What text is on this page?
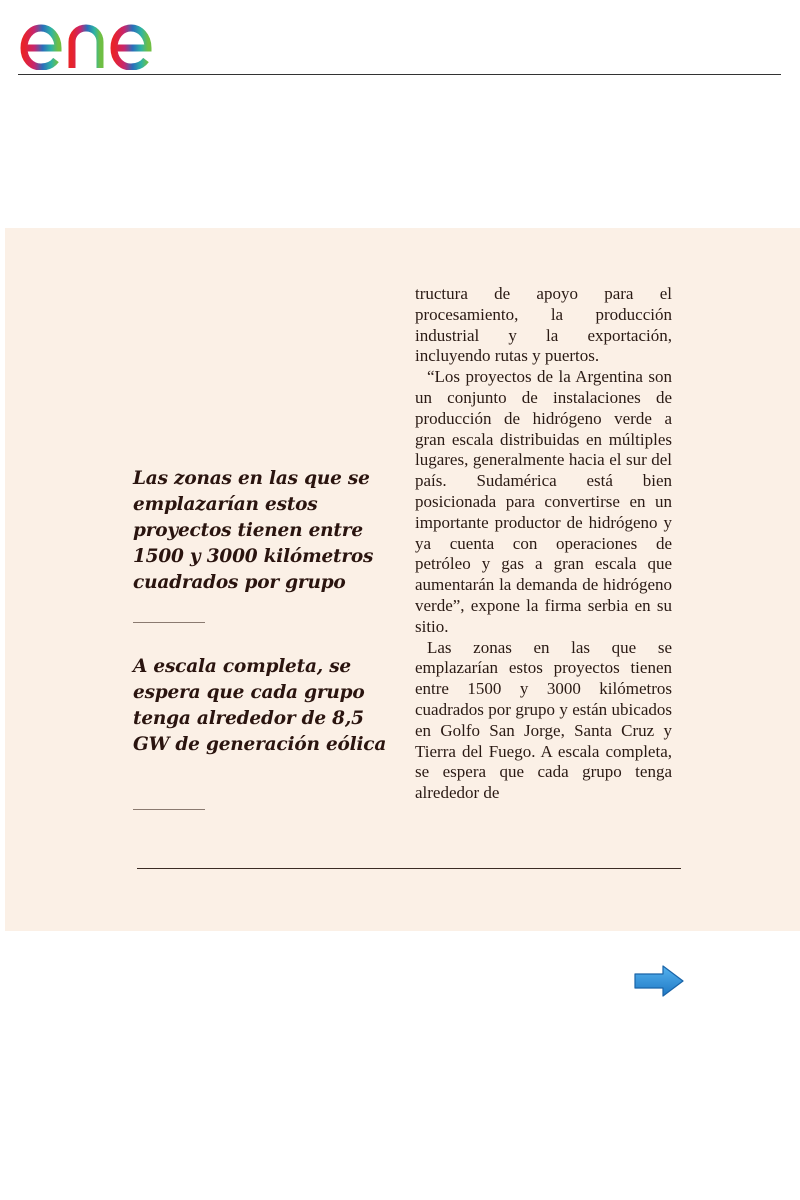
Las zonas en las que se emplazarían estos proyectos tienen entre 1500 y 3000 kilómetros cuadrados por grupo

A escala completa, se espera que cada grupo tenga alrededor de 8,5 GW de generación eólica

tructura de apoyo para el procesamiento, la producción industrial y la exportación, incluyendo rutas y puertos.

“Los proyectos de la Argentina son un conjunto de instalaciones de producción de hidrógeno verde a gran escala distribuidas en múltiples lugares, generalmente hacia el sur del país. Sudamérica está bien posicionada para convertirse en un importante productor de hidrógeno y ya cuenta con operaciones de petróleo y gas a gran escala que aumentarán la demanda de hidrógeno verde”, expone la firma serbia en su sitio.

Las zonas en las que se emplazarían estos proyectos tienen entre 1500 y 3000 kilómetros cuadrados por grupo y están ubicados en Golfo San Jorge, Santa Cruz y Tierra del Fuego. A escala completa, se espera que cada grupo tenga alrededor de
